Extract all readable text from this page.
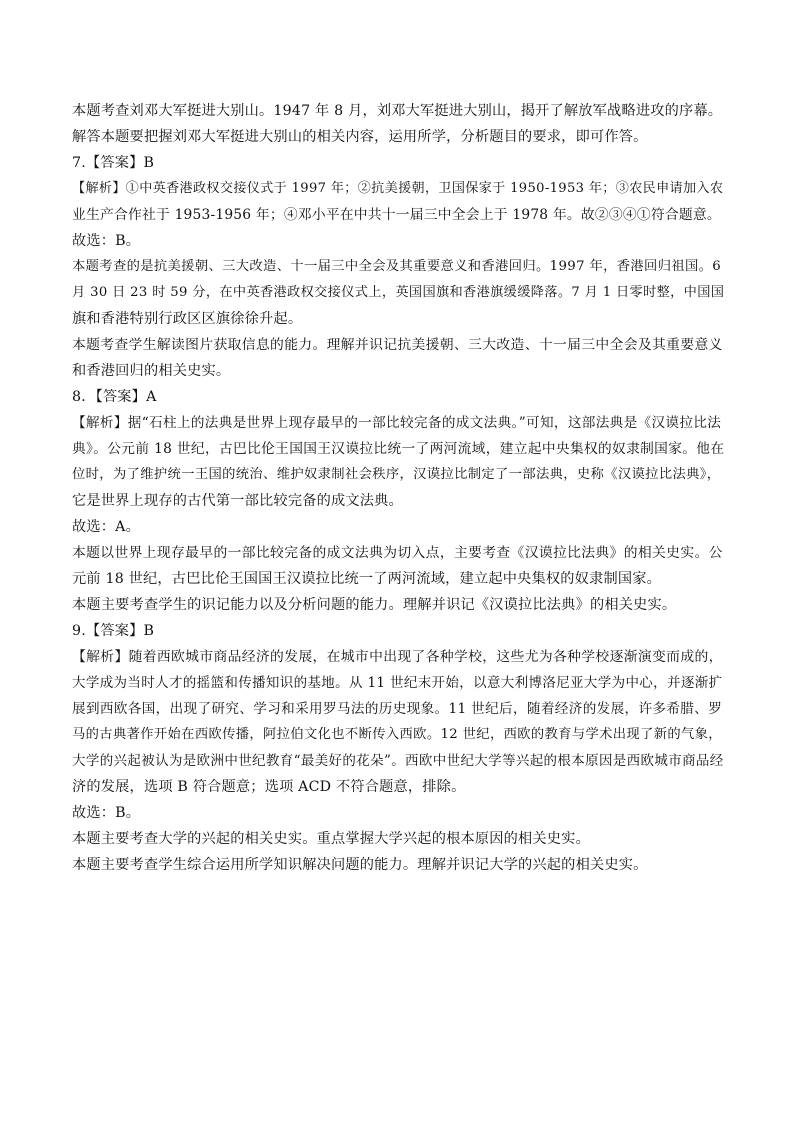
本题考查刘邓大军挺进大别山。1947 年 8 月，刘邓大军挺进大别山，揭开了解放军战略进攻的序幕。
解答本题要把握刘邓大军挺进大别山的相关内容，运用所学，分析题目的要求，即可作答。
7.【答案】B
【解析】①中英香港政权交接仪式于 1997 年；②抗美援朝，卫国保家于 1950-1953 年；③农民申请加入农
业生产合作社于 1953-1956 年；④邓小平在中共十一届三中全会上于 1978 年。故②③④①符合题意。
故选：B。
本题考查的是抗美援朝、三大改造、十一届三中全会及其重要意义和香港回归。1997 年，香港回归祖国。6
月 30 日 23 时 59 分，在中英香港政权交接仪式上，英国国旗和香港旗缓缓降落。7 月 1 日零时整，中国国
旗和香港特别行政区区旗徐徐升起。
本题考查学生解读图片获取信息的能力。理解并识记抗美援朝、三大改造、十一届三中全会及其重要意义
和香港回归的相关史实。
8．【答案】A
【解析】据“石柱上的法典是世界上现存最早的一部比较完备的成文法典。”可知，这部法典是《汉谟拉比法
典》。公元前 18 世纪，古巴比伦王国国王汉谟拉比统一了两河流域，建立起中央集权的奴隶制国家。他在
位时，为了维护统一王国的统治、维护奴隶制社会秩序，汉谟拉比制定了一部法典，史称《汉谟拉比法典》，
它是世界上现存的古代第一部比较完备的成文法典。
故选：A。
本题以世界上现存最早的一部比较完备的成文法典为切入点，主要考查《汉谟拉比法典》的相关史实。公
元前 18 世纪，古巴比伦王国国王汉谟拉比统一了两河流域，建立起中央集权的奴隶制国家。
本题主要考查学生的识记能力以及分析问题的能力。理解并识记《汉谟拉比法典》的相关史实。
9.【答案】B
【解析】随着西欧城市商品经济的发展，在城市中出现了各种学校，这些尤为各种学校逐渐演变而成的，
大学成为当时人才的摇篮和传播知识的基地。从 11 世纪末开始，以意大利博洛尼亚大学为中心，并逐渐扩
展到西欧各国，出现了研究、学习和采用罗马法的历史现象。11 世纪后，随着经济的发展，许多希腊、罗
马的古典著作开始在西欧传播，阿拉伯文化也不断传入西欧。12 世纪，西欧的教育与学术出现了新的气象，
大学的兴起被认为是欧洲中世纪教育“最美好的花朵”。西欧中世纪大学等兴起的根本原因是西欧城市商品经
济的发展，选项 B 符合题意；选项 ACD 不符合题意，排除。
故选：B。
本题主要考查大学的兴起的相关史实。重点掌握大学兴起的根本原因的相关史实。
本题主要考查学生综合运用所学知识解决问题的能力。理解并识记大学的兴起的相关史实。
